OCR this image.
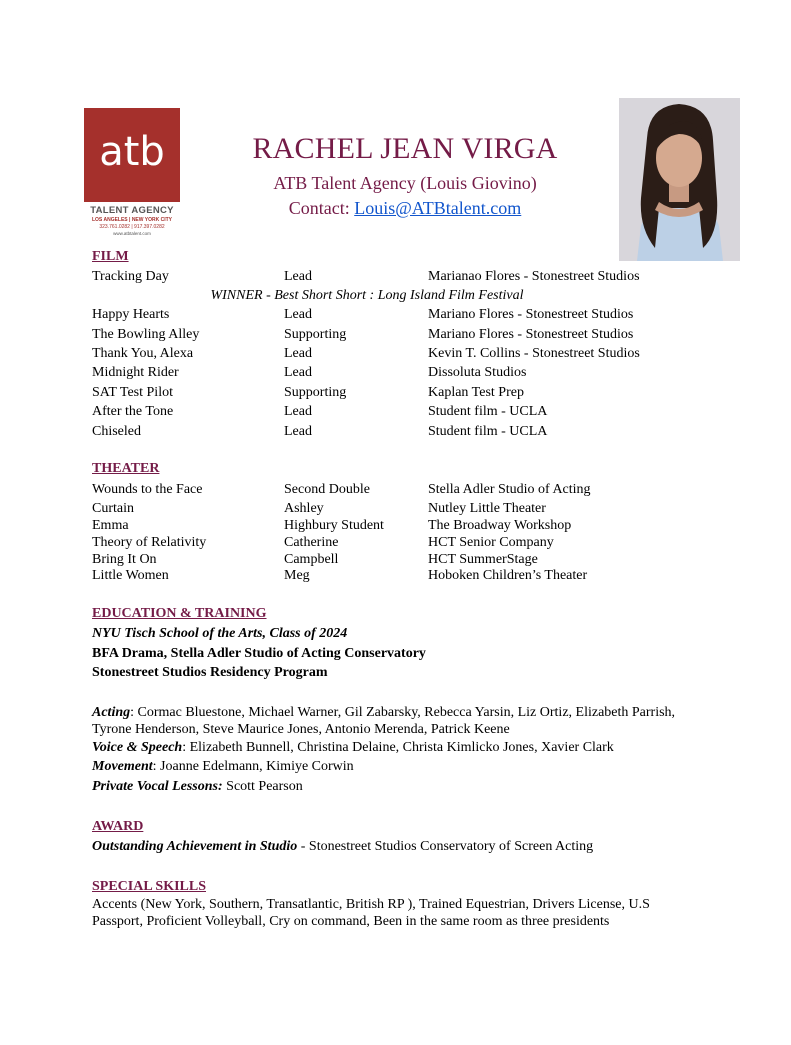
atb
TALENT AGENCY
LOS ANGELES | NEW YORK CITY
323.761.0282 | 917.397.0282
www.atbtalent.com
RACHEL JEAN VIRGA
ATB Talent Agency (Louis Giovino)
Contact: Louis@ATBtalent.com
FILM
Tracking Day	Lead	Marianao Flores - Stonestreet Studios
WINNER - Best Short Short : Long Island Film Festival
Happy Hearts	Lead	Mariano Flores - Stonestreet Studios
The Bowling Alley	Supporting	Mariano Flores - Stonestreet Studios
Thank You, Alexa	Lead	Kevin T. Collins - Stonestreet Studios
Midnight Rider	Lead	Dissoluta Studios
SAT Test Pilot	Supporting	Kaplan Test Prep
After the Tone	Lead	Student film - UCLA
Chiseled	Lead	Student film - UCLA
THEATER
Wounds to the Face	Second Double	Stella Adler Studio of Acting
Curtain	Ashley	Nutley Little Theater
Emma	Highbury Student	The Broadway Workshop
Theory of Relativity	Catherine	HCT Senior Company
Bring It On	Campbell	HCT SummerStage
Little Women	Meg	Hoboken Children’s Theater
EDUCATION & TRAINING
NYU Tisch School of the Arts, Class of 2024
BFA Drama, Stella Adler Studio of Acting Conservatory
Stonestreet Studios Residency Program
Acting: Cormac Bluestone, Michael Warner, Gil Zabarsky, Rebecca Yarsin, Liz Ortiz, Elizabeth Parrish, Tyrone Henderson, Steve Maurice Jones, Antonio Merenda, Patrick Keene
Voice & Speech: Elizabeth Bunnell, Christina Delaine, Christa Kimlicko Jones, Xavier Clark
Movement: Joanne Edelmann, Kimiye Corwin
Private Vocal Lessons: Scott Pearson
AWARD
Outstanding Achievement in Studio - Stonestreet Studios Conservatory of Screen Acting
SPECIAL SKILLS
Accents (New York, Southern, Transatlantic, British RP ), Trained Equestrian, Drivers License, U.S Passport, Proficient Volleyball, Cry on command, Been in the same room as three presidents
